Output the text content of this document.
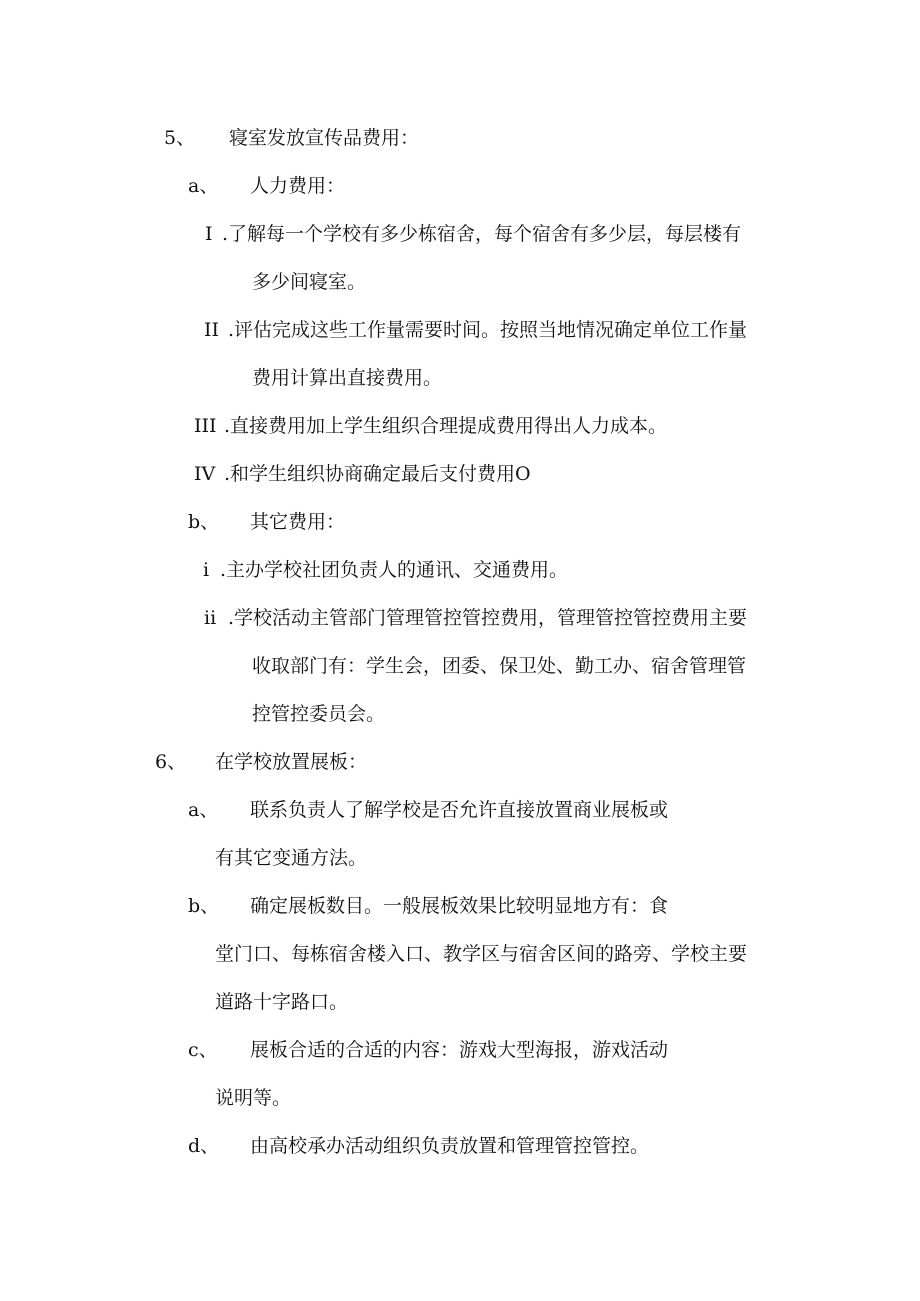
5、 寝室发放宣传品费用：
a、 人力费用：
I .了解每一个学校有多少栋宿舍，每个宿舍有多少层，每层楼有
多少间寝室。
II .评估完成这些工作量需要时间。按照当地情况确定单位工作量
费用计算出直接费用。
III .直接费用加上学生组织合理提成费用得出人力成本。
IV .和学生组织协商确定最后支付费用O
b、 其它费用：
i .主办学校社团负责人的通讯、交通费用。
ii .学校活动主管部门管理管控管控费用，管理管控管控费用主要
收取部门有：学生会，团委、保卫处、勤工办、宿舍管理管
控管控委员会。
6、 在学校放置展板：
a、 联系负责人了解学校是否允许直接放置商业展板或
有其它变通方法。
b、 确定展板数目。一般展板效果比较明显地方有：食
堂门口、每栋宿舍楼入口、教学区与宿舍区间的路旁、学校主要
道路十字路口。
c、 展板合适的合适的内容：游戏大型海报，游戏活动
说明等。
d、 由高校承办活动组织负责放置和管理管控管控。
